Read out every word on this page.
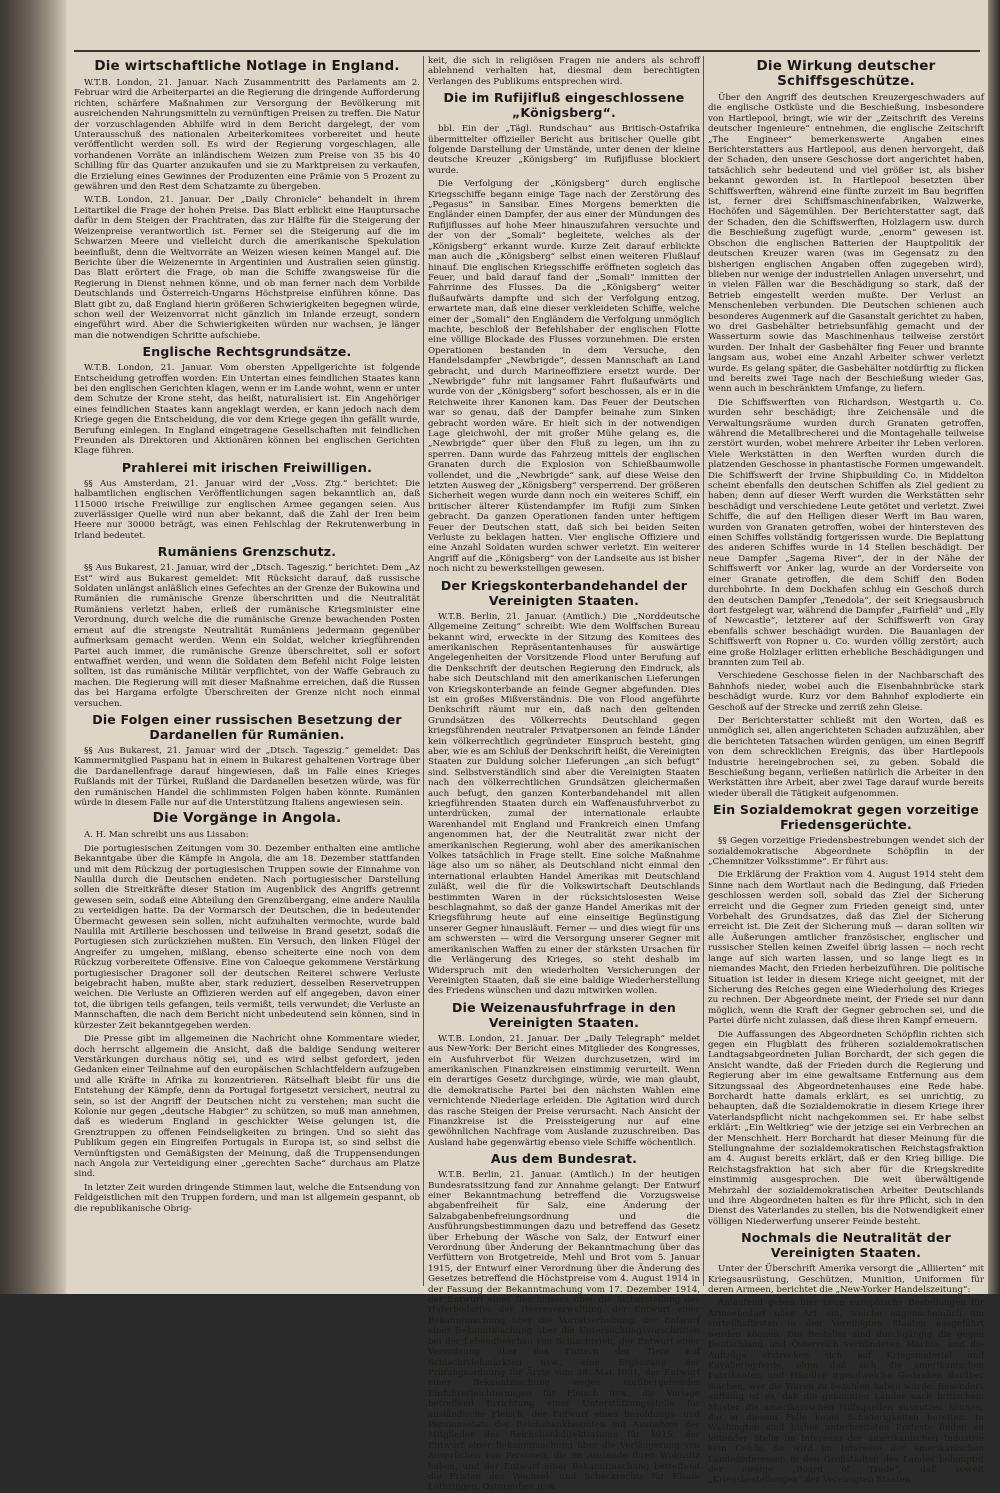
Die wirtschaftliche Notlage in England.

W.T.B. London, 21. Januar. Nach Zusammentritt des Parlaments am 2. Februar wird die Arbeiterpartei an die Regierung die dringende Aufforderung richten, schärfere Maßnahmen zur Versorgung der Bevölkerung mit ausreichenden Nahrungsmitteln zu vernünftigen Preisen zu treffen. Die Natur der vorzuschlagenden Abhilfe wird in dem Bericht dargelegt, der vom Unterausschuß des nationalen Arbeiterkomitees vorbereitet und heute veröffentlicht werden soll. Es wird der Regierung vorgeschlagen, alle vorhandenen Vorräte an inländischem Weizen zum Preise von 35 bis 40 Schilling für das Quarter anzukaufen und sie zu Marktpreisen zu verkaufen, die Erzielung eines Gewinnes der Produzenten eine Prämie von 5 Prozent zu gewähren und den Rest dem Schatzamte zu übergeben.

W.T.B. London, 21. Januar. Der „Daily Chronicle“ behandelt in ihrem Leitartikel die Frage der hohen Preise. Das Blatt erblickt eine Hauptursache dafür in dem Steigen der Frachtraten, das zur Hälfte für die Steigerung der Weizenpreise verantwortlich ist. Ferner sei die Steigerung auf die im Schwarzen Meere und vielleicht durch die amerikanische Spekulation beeinflußt, denn die Weltvorräte an Weizen wiesen keinen Mangel auf. Die Berichte über die Weizenernte in Argentinien und Australien seien günstig. Das Blatt erörtert die Frage, ob man die Schiffe zwangsweise für die Regierung in Dienst nehmen könne, und ob man ferner nach dem Vorbilde Deutschlands und Österreich-Ungarns Höchstpreise einführen könne. Das Blatt gibt zu, daß England hierin größeren Schwierigkeiten begegnen würde, schon weil der Weizenvorrat nicht gänzlich im Inlande erzeugt, sondern eingeführt wird. Aber die Schwierigkeiten würden nur wachsen, je länger man die notwendigen Schritte aufschiebe.

Englische Rechtsgrundsätze.

W.T.B. London, 21. Januar. Vom obersten Appellgerichte ist folgende Entscheidung getroffen worden: Ein Untertan eines feindlichen Staates kann bei den englischen Gerichten klagen, wenn er im Lande wohnt, wenn er unter dem Schutze der Krone steht, das heißt, naturalisiert ist. Ein Angehöriger eines feindlichen Staates kann angeklagt werden, er kann jedoch nach dem Kriege gegen die Entscheidung, die vor dem Kriege gegen ihn gefällt wurde, Berufung einlegen. In England eingetragene Gesellschaften mit feindlichen Freunden als Direktoren und Aktionären können bei englischen Gerichten Klage führen.

Prahlerei mit irischen Freiwilligen.

§§ Aus Amsterdam, 21. Januar wird der „Voss. Ztg.“ berichtet: Die halbamtlichen englischen Veröffentlichungen sagen bekanntlich an, daß 115000 irische Freiwillige zur englischen Armee gegangen seien. Aus zuverlässiger Quelle wird nun aber bekannt, daß die Zahl der Iren beim Heere nur 30000 beträgt, was einen Fehlschlag der Rekrutenwerbung in Irland bedeutet.

Rumäniens Grenzschutz.

§§ Aus Bukarest, 21. Januar, wird der „Dtsch. Tageszig.“ berichtet: Dem „Az Est“ wird aus Bukarest gemeldet: Mit Rücksicht darauf, daß russische Soldaten unlängst anläßlich eines Gefechtes an der Grenze der Bukowina und Rumänien die rumänische Grenze überschritten und die Neutralität Rumäniens verletzt haben, erließ der rumänische Kriegsminister eine Verordnung, durch welche die die rumänische Grenze bewachenden Posten erneut auf die strengste Neutralität Rumäniens jedermann gegenüber aufmerksam gemacht werden. Wenn ein Soldat, welcher kriegführenden Partei auch immer, die rumänische Grenze überschreitet, soll er sofort entwaffnet werden, und wenn die Soldaten dem Befehl nicht Folge leisten sollten, ist das rumänische Militär verpflichtet, von der Waffe Gebrauch zu machen. Die Regierung will mit dieser Maßnahme erreichen, daß die Russen das bei Hargama erfolgte Überschreiten der Grenze nicht noch einmal versuchen.

Die Folgen einer russischen Besetzung der Dardanellen für Rumänien.

§§ Aus Bukarest, 21. Januar wird der „Dtsch. Tageszig.“ gemeldet: Das Kammermitglied Paspanu hat in einem in Bukarest gehaltenen Vortrage über die Dardanellenfrage darauf hingewiesen, daß im Falle eines Krieges Rußlands mit der Türkei, Rußland die Dardanellen besetzen würde, was für den rumänischen Handel die schlimmsten Folgen haben könnte. Rumänien würde in diesem Falle nur auf die Unterstützung Italiens angewiesen sein.

Die Vorgänge in Angola.

A. H. Man schreibt uns aus Lissabon:

Die portugiesischen Zeitungen vom 30. Dezember enthalten eine amtliche Bekanntgabe über die Kämpfe in Angola, die am 18. Dezember stattfanden und mit dem Rückzug der portugiesischen Truppen sowie der Einnahme von Naulila durch die Deutschen endeten. Nach portugiesischer Darstellung sollen die Streitkräfte dieser Station im Augenblick des Angriffs getrennt gewesen sein, sodaß eine Abteilung den Grenzübergang, eine andere Naulila zu verteidigen hatte. Da der Vormarsch der Deutschen, die in bedeutender Übermacht gewesen sein sollen, nicht aufzuhalten vermochte, wurde bald Naulila mit Artillerie beschossen und teilweise in Brand gesetzt, sodaß die Portugiesen sich zurückziehen mußten. Ein Versuch, den linken Flügel der Angreifer zu umgehen, mißlang, ebenso scheiterte eine noch von dem Rückzug vorbereitete Offensive. Eine von Caloeque gekommene Verstärkung portugiesischer Dragoner soll der deutschen Reiterei schwere Verluste beigebracht haben, mußte aber, stark reduziert, desselben Reservetruppen weichen. Die Verluste an Offizieren werden auf elf angegeben, davon einer tot, die übrigen teils gefangen, teils vermißt, teils verwundet; die Verluste an Mannschaften, die nach dem Bericht nicht unbedeutend sein können, sind in kürzester Zeit bekanntgegeben werden.

Die Presse gibt im allgemeinen die Nachricht ohne Kommentare wieder, doch herrscht allgemein die Ansicht, daß die baldige Sendung weiterer Verstärkungen durchaus nötig sei, und es wird selbst gefordert, jeden Gedanken einer Teilnahme auf den europäischen Schlachtfeldern aufzugeben und alle Kräfte in Afrika zu konzentrieren. Rätselhaft bleibt für uns die Entstehung der Kämpfe, denn da Portugal fortgesetzt versichert, neutral zu sein, so ist der Angriff der Deutschen nicht zu verstehen; man sucht die Kolonie nur gegen „deutsche Habgier“ zu schützen, so muß man annehmen, daß es wiederum England in geschickter Weise gelungen ist, die Grenztruppen zu offenen Feindseligkeiten zu bringen. Und so sieht das Publikum gegen ein Eingreifen Portugals in Europa ist, so sind selbst die Vernünftigsten und Gemäßigsten der Meinung, daß die Truppensendungen nach Angola zur Verteidigung einer „gerechten Sache“ durchaus am Platze sind.

In letzter Zeit wurden dringende Stimmen laut, welche die Entsendung von Feldgeistlichen mit den Truppen fordern, und man ist allgemein gespannt, ob die republikanische Obrig-

keit, die sich in religiösen Fragen nie anders als schroff ablehnend verhalten hat, diesmal dem berechtigten Verlangen des Publikums entsprechen wird.

Die im Rufijifluß eingeschlossene „Königsberg“.

bbl. Ein der „Tägl. Rundschau“ aus Britisch-Ostafrika übermittelter offizieller Bericht aus britischer Quelle gibt folgende Darstellung der Umstände, unter denen der kleine deutsche Kreuzer „Königsberg“ im Rufijiflusse blockiert wurde.

Die Verfolgung der „Königsberg“ durch englische Kriegsschiffe begann einige Tage nach der Zerstörung des „Pegasus“ in Sansibar. Eines Morgens bemerkten die Engländer einen Dampfer, der aus einer der Mündungen des Rufijiflusses auf hohe Meer hinauszufahren versuchte und der von der „Somali“ begleitete, welches als der „Königsberg“ erkannt wurde. Kurze Zeit darauf erblickte man auch die „Königsberg“ selbst einen weiteren Flußlauf hinauf. Die englischen Kriegsschiffe eröffneten sogleich das Feuer, und bald darauf fand der „Somali“ inmitten der Fahrrinne des Flusses. Da die „Königsberg“ weiter flußaufwärts dampfte und sich der Verfolgung entzog, erwartete man, daß eine dieser verkleideten Schiffe, welche einer der „Somali“ den Engländern die Verfolgung unmöglich machte, beschloß der Befehlshaber der englischen Flotte eine völlige Blockade des Flusses vorzunehmen. Die ersten Operationen bestanden in dem Versuche, den Handelsdampfer „Newbrigde“, dessen Mannschaft an Land gebracht, und durch Marineoffiziere ersetzt wurde. Der „Newbrigde“ fuhr mit langsamer Fahrt flußaufwärts und wurde von der „Königsberg“ sofort beschossen, als er in die Reichweite ihrer Kanonen kam. Das Feuer der Deutschen war so genau, daß der Dampfer beinahe zum Sinken gebracht worden wäre. Er hielt sich in der notwendigen Lage gleichwohl, der mit großer Mühe gelang es, die „Newbrigde“ quer über den Fluß zu legen, um ihn zu sperren. Dann wurde das Fahrzeug mittels der englischen Granaten durch die Explosion von Schießbaumwolle vollendet, und die „Newbrigde“ sank, auf diese Weise den letzten Ausweg der „Königsberg“ versperrend. Der größeren Sicherheit wegen wurde dann noch ein weiteres Schiff, ein britischer älterer Küstendampfer im Rufiji zum Sinken gebracht. Da ganzen Operationen fanden unter heftigem Feuer der Deutschen statt, daß sich bei beiden Seiten Verluste zu beklagen hatten. Vier englische Offiziere und eine Anzahl Soldaten wurden schwer verletzt. Ein weiterer Angriff auf die „Königsberg“ von der Landseite aus ist bisher noch nicht zu bewerkstelligen gewesen.

Der Kriegskonterbandehandel der Vereinigten Staaten.

W.T.B. Berlin, 21. Januar. (Amtlich.) Die „Norddeutsche Allgemeine Zeitung“ schreibt: Wie dem Wolffschen Bureau bekannt wird, erweckte in der Sitzung des Komitees des amerikanischen Repräsentantenhauses für auswärtige Angelegenheiten der Vorsitzende Flood unter Berufung auf die Denkschrift der deutschen Regierung den Eindruck, als habe sich Deutschland mit den amerikanischen Lieferungen von Kriegskonterbande an feinde Gegner abgefunden. Dies ist ein großes Mißverständnis. Die von Flood angeführte Denkschrift räumt nur ein, daß nach den geltenden Grundsätzen des Völkerrechts Deutschland gegen kriegsführenden neutraler Privatpersonen an feinde Länder kein völkerrechtlich gegründeter Einspruch besteht, ging aber, wie es am Schluß der Denkschrift heißt, die Vereinigten Staaten zur Duldung solcher Lieferungen „an sich befugt“ sind. Selbstverständlich sind aber die Vereinigten Staaten nach den völkerrechtlichen Grundsätzen gleichermaßen auch befugt, den ganzen Konterbandehandel mit allen kriegführenden Staaten durch ein Waffenausfuhrverbot zu unterdrücken, zumal der internationale erlaubte Warenhandel mit England und Frankreich einen Umfang angenommen hat, der die Neutralität zwar nicht der amerikanischen Regierung, wohl aber des amerikanischen Volkes tatsächlich in Frage stellt. Eine solche Maßnahme läge also um so näher, als Deutschland nicht einmal den international erlaubten Handel Amerikas mit Deutschland zuläßt, weil die für die Volkswirtschaft Deutschlands bestimmten Waren in der rücksichtslosesten Weise beschlagnahmt, so daß der ganze Handel Amerikas mit der Kriegsführung heute auf eine einseitige Begünstigung unserer Gegner hinausläuft. Ferner — und dies wiegt für uns am schwersten — wird die Versorgung unserer Gegner mit amerikanischen Waffen zu einer der stärksten Ursachen für die Verlängerung des Krieges, so steht deshalb im Widerspruch mit den wiederholten Versicherungen der Vereinigten Staaten, daß sie eine baldige Wiederherstellung des Friedens wünschen und dazu mitwirken wollen.

Die Weizenausfuhrfrage in den Vereinigten Staaten.

W.T.B. London, 21. Januar. Der „Daily Telegraph“ meldet aus New-York: Der Bericht eines Mitglieder des Kongresses, ein Ausfuhrverbot für Weizen durchzusetzen, wird im amerikanischen Finanzkreisen einstimmig verurteilt. Wenn ein derartiges Gesetz durchginge, würde, wie man glaubt, die demokratische Partei bei den nächsten Wahlen eine vernichtende Niederlage erleiden. Die Agitation wird durch das rasche Steigen der Preise verursacht. Nach Ansicht der Finanzkreise ist die Preissteigerung nur auf eine gewöhnlichen Nachfrage vom Auslande zuzuschreiben. Das Ausland habe gegenwärtig ebenso viele Schiffe wöchentlich.

Aus dem Bundesrat.

W.T.B. Berlin, 21. Januar. (Amtlich.) In der heutigen Bundesratssitzung fand zur Annahme gelangt: Der Entwurf einer Bekanntmachung betreffend die Vorzugsweise abgabenfreiheit für Salz, eine Änderung der Salzabgabenbefreiungsordnung und die Ausführungsbestimmungen dazu und betreffend das Gesetz über Erhebung der Wäsche von Salz, der Entwurf einer Verordnung über Änderung der Bekanntmachung über das Verfüttern von Brotgetreide, Mehl und Brot vom 5. Januar 1915, der Entwurf einer Verordnung über die Änderung des Gesetzes betreffend die Höchstpreise vom 4. August 1914 in der Fassung der Bekanntmachung vom 17. Dezember 1914, der Entwurf eines Beschlusses über die Sicherstellung des Haferbedarfes der Heeresverwaltung, der Entwurf einer Bekanntmachung über die Vorratserhebung, der Entwurf einer Bekanntmachung über die Untersuchungsvorschriften bei der Lebendbeschau von Schlachtvieh, der Entwurf einer Verordnung über das Füttern der Tiere auf Schlachtviehmärkten usw., eine Ergänzung der Prüfungsordnung für Ärzte vom 28. Mai 1901, der Entwurf einer Bekanntmachung wegen vorübergehender Einfuhrerleichterungen für Fleisch usw., die Vorlage betreffend Errichtung einer Unterstützungsstelle für ausländische Fleisch, der Entwurf eines Besoldungs- und Pensionsetats der Reichsbankbeamten mit Ausnahme der Mitglieder des Reichsbankdirektoriums für 1915, der Entwurf einer Bekanntmachung über die Verlängerung von Ansprüchen von Personen, die im Auslande ihren Wohnsitz haben, und der Entwurf einer Bekanntmachung betreffend die Fristen des Wechsel- und Scheckrechts für Elsaß-Lothringen, Ostpreußen usw.

Die Wirkung deutscher Schiffsgeschütze.

Über den Angriff des deutschen Kreuzergeschwaders auf die englische Ostküste und die Beschießung, insbesondere von Hartlepool, bringt, wie wir der „Zeitschrift des Vereins deutscher Ingenieure“ entnehmen, die englische Zeitschrift „The Engineer“ bemerkenswerte Angaben eines Berichterstatters aus Hartlepool, aus denen hervorgeht, daß der Schaden, den unsere Geschosse dort angerichtet haben, tatsächlich sehr bedeutend und viel größer ist, als bisher bekannt geworden ist. In Hartlepool besetzten über Schiffswerften, während eine fünfte zurzeit im Bau begriffen ist, ferner drei Schiffsmaschinenfabriken, Walzwerke, Hochöfen und Sägemühlen. Der Berichterstatter sagt, daß der Schaden, den die Schiffswerften, Holzlagern usw. durch die Beschießung zugefügt wurde, „enorm“ gewesen ist. Obschon die englischen Batterien der Hauptpolitik der deutschen Kreuzer waren (was im Gegensatz zu den bisherigen englischen Angaben offen zugegeben wird), blieben nur wenige der industriellen Anlagen unversehrt, und in vielen Fällen war die Beschädigung so stark, daß der Betrieb eingestellt werden mußte. Der Verlust an Menschenleben verbunden. Die Deutschen schienen auch besonderes Augenmerk auf die Gasanstalt gerichtet zu haben, wo drei Gasbehälter betriebsunfähig gemacht und der Wasserturm sowie das Maschinenhaus teilweise zerstört wurden. Der Inhalt der Gasbehälter fing Feuer und brannte langsam aus, wobei eine Anzahl Arbeiter schwer verletzt wurde. Es gelang später, die Gasbehälter notdürftig zu flicken und bereits zwei Tage nach der Beschießung wieder Gas, wenn auch in beschränktem Umfange, zu liefern.

Die Schiffswerften von Richardson, Westgarth u. Co. wurden sehr beschädigt; ihre Zeichensäle und die Verwaltungsräume wurden durch Granaten getroffen, während die Metallbrecherei und die Montagehalle teilweise zerstört wurden, wobei mehrere Arbeiter ihr Leben verloren. Viele Werkstätten in den Werften wurden durch die platzenden Geschosse in phantastische Formen umgewandelt. Die Schiffswerft der Irvine Shipbuilding Co. in Middelton scheint ebenfalls den deutschen Schiffen als Ziel gedient zu haben; denn auf dieser Werft wurden die Werkstätten sehr beschädigt und verschiedene Leute getötet und verletzt. Zwei Schiffe, die auf den Helligen dieser Werft im Bau waren, wurden von Granaten getroffen, wobei der hintersteven des einen Schiffes vollständig fortgerissen wurde. Die Beplattung des anderen Schiffes wurde in 14 Stellen beschädigt. Der neue Dampfer „Sagema River“, der in der Nähe der Schiffswerft vor Anker lag, wurde an der Vorderseite von einer Granate getroffen, die dem Schiff den Boden durchbohrte. In dem Dockhafen schlug ein Geschoß durch den deutschen Dampfer „Tenedola“, der seit Kriegsausbruch dort festgelegt war, während die Dampfer „Fairfield“ und „Ely of Newcastle“, letzterer auf der Schiffswerft von Gray ebenfalls schwer beschädigt wurden. Die Bauanlagen der Schiffswerft von Ropner u. Co. wurden völlig zerstört; auch eine große Holzlager erlitten erhebliche Beschädigungen und brannten zum Teil ab.

Verschiedene Geschosse fielen in der Nachbarschaft des Bahnhofs nieder, wobei auch die Eisenbahnbrücke stark beschädigt wurde. Kurz vor dem Bahnhof explodierte ein Geschoß auf der Strecke und zerriß zehn Gleise.

Der Berichterstatter schließt mit den Worten, daß es unmöglich sei, allen angerichteten Schaden aufzuzählen, aber die berichteten Tatsachen würden genügen, um einen Begriff von dem schrecklichen Ereignis, das über Hartlepools Industrie hereingebrochen sei, zu geben. Sobald die Beschießung begann, verließen natürlich die Arbeiter in den Werkstätten ihre Arbeit, aber zwei Tage darauf wurde bereits wieder überall die Tätigkeit aufgenommen.

Ein Sozialdemokrat gegen vorzeitige Friedensgerüchte.

§§ Gegen vorzeitige Friedensbestrebungen wendet sich der sozialdemokratische Abgeordnete Schöpflin in der „Chemnitzer Volksstimme“. Er führt aus:

Die Erklärung der Fraktion vom 4. August 1914 steht dem Sinne nach dem Wortlaut nach die Bedingung, daß Frieden geschlossen werden soll, sobald das Ziel der Sicherung erreicht und die Gegner zum Frieden geneigt sind, unter Vorbehalt des Grundsatzes, daß das Ziel der Sicherung erreicht ist. Die Zeit der Sicherung muß — daran sollten wir alle Äußerungen amtlicher französischer, englischer und russischer Stellen keinen Zweifel übrig lassen — noch recht lange auf sich warten lassen, und so lange liegt es in niemandes Macht, den Frieden herbeizuführen. Die politische Situation ist leider in diesem Kriege nicht geeignet, mit der Sicherung des Reiches gegen eine Wiederholung des Krieges zu rechnen. Der Abgeordnete meint, der Friede sei nur dann möglich, wenn die Kraft der Gegner gebrochen sei, und die Partei dürfe nicht zulassen, daß diese ihren Kampf erneuern.

Die Auffassungen des Abgeordneten Schöpflin richten sich gegen ein Flugblatt des früheren sozialdemokratischen Landtagsabgeordneten Julian Borchardt, der sich gegen die Ansicht wandte, daß der Frieden durch die Regierung und Regierung aber im eine gewaltsame Entfernung aus dem Sitzungssaal des Abgeordnetenhauses eine Rede habe. Borchardt hatte damals erklärt, es sei unrichtig, zu behaupten, daß die Sozialdemokratie in diesem Kriege ihrer Vaterlandspflicht nicht nachgekommen sei. Er habe selbst erklärt: „Ein Weltkrieg“ wie der jetzige sei ein Verbrechen an der Menschheit. Herr Borchardt hat dieser Meinung für die Stellungnahme der sozialdemokratischen Reichstagsfraktion am 4. August bereits erklärt, daß er den Krieg billige. Die Reichstagsfraktion hat sich aber für die Kriegskredite einstimmig ausgesprochen. Die weit überwältigende Mehrzahl der sozialdemokratischen Arbeiter Deutschlands und ihre Abgeordneten halten es für ihre Pflicht, sich in den Dienst des Vaterlandes zu stellen, bis die Notwendigkeit einer völligen Niederwerfung unserer Feinde besteht.

Nochmals die Neutralität der Vereinigten Staaten.

Unter der Überschrift Amerika versorgt die „Alliierten“ mit Kriegsausrüstung, Geschützen, Munition, Uniformen für deren Armeen, berichtet die „New-Yorker Handelszeitung“:

Anlaufend geben hier neue europäische Bestellungen für Armeebedarf aller Art ein, welche augenscheinlich am vorteilhaftesten in den Vereinigten Staaten ausgeführt werden können. Die Besteller sind durchgängig die gegen Deutschland und Österreich verbündeten Mächte, und die Aufträge erstrecken sich auf Kriegsmaterial und Kavalleriepferde, ohne daß sich die amerikanischen Fabrikanten und Händler irgendwelche Gedanken darüber machen, wer die Waren zu bezahlen haben würde. Besonders auffällig ist es, daß die genannten Länder nach britischem Muster die amerikanischen Hilfsquellen ausnutzen können, die in diesem Falle keine Schwierigkeiten bereiten. In Washington sind bisher unterbreiteten Proteste finden an leitender Stelle im Interesse der amerikanischen Industrie kein Gehör. So wird im Interesse der amerikanischen Landesinteressen in den Großstädten des Landes behauptet der hiesige „Board of Trade“, daß soweit „Kriegsbestellungen“ der Vereinigten Staaten
